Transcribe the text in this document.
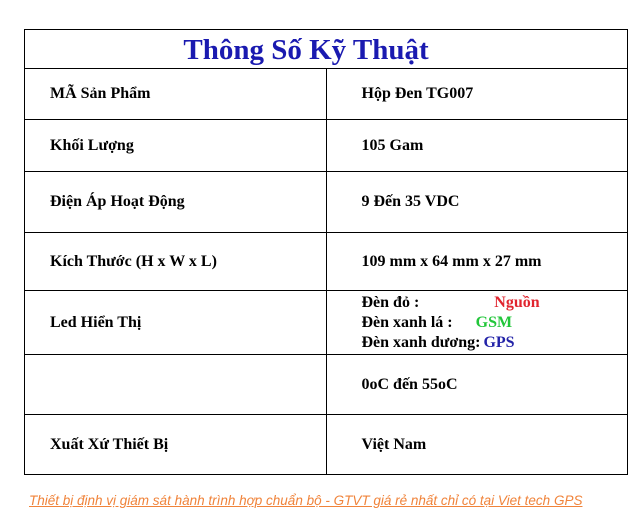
Thông Số Kỹ Thuật	
MÃ Sản Phẩm	Hộp Đen TG007
Khối Lượng	105 Gam
Điện Áp Hoạt Động	9 Đến 35 VDC
Kích Thước (H x W x L)	109 mm x 64 mm x 27 mm
Led Hiển Thị	Đèn đỏ : Nguồn
Đèn xanh lá : GSM
Đèn xanh dương: GPS

	0oC đến 55oC
Xuất Xứ Thiết Bị	Việt Nam
Thiết bị định vị giám sát hành trình hợp chuẩn bộ - GTVT giá rẻ nhất chỉ có tại Viet tech GPS
